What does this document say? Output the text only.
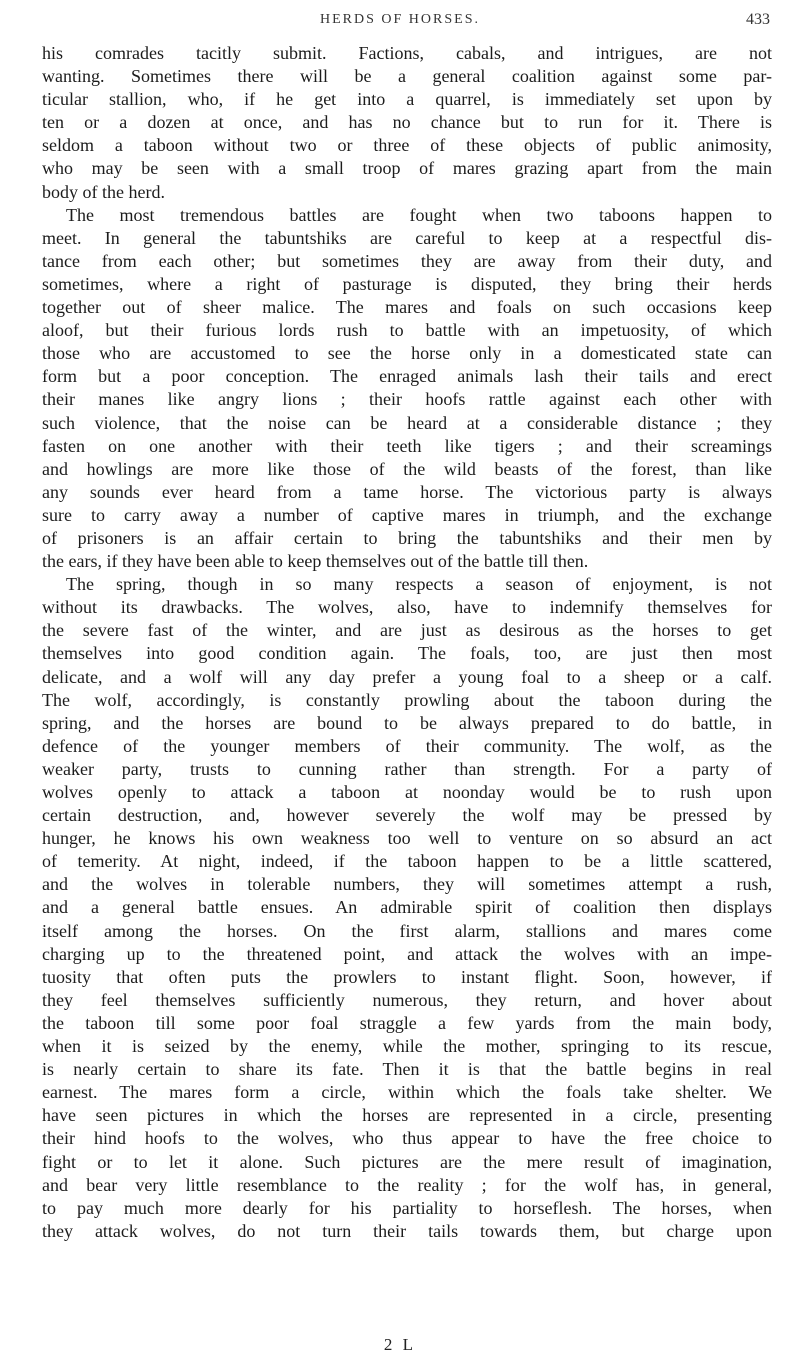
HERDS OF HORSES.	433
his comrades tacitly submit. Factions, cabals, and intrigues, are not
wanting. Sometimes there will be a general coalition against some par-
ticular stallion, who, if he get into a quarrel, is immediately set upon by
ten or a dozen at once, and has no chance but to run for it. There is
seldom a taboon without two or three of these objects of public animosity,
who may be seen with a small troop of mares grazing apart from the main
body of the herd.
The most tremendous battles are fought when two taboons happen to
meet. In general the tabuntshiks are careful to keep at a respectful dis-
tance from each other; but sometimes they are away from their duty, and
sometimes, where a right of pasturage is disputed, they bring their herds
together out of sheer malice. The mares and foals on such occasions keep
aloof, but their furious lords rush to battle with an impetuosity, of which
those who are accustomed to see the horse only in a domesticated state can
form but a poor conception. The enraged animals lash their tails and erect
their manes like angry lions ; their hoofs rattle against each other with
such violence, that the noise can be heard at a considerable distance ; they
fasten on one another with their teeth like tigers ; and their screamings
and howlings are more like those of the wild beasts of the forest, than like
any sounds ever heard from a tame horse. The victorious party is always
sure to carry away a number of captive mares in triumph, and the exchange
of prisoners is an affair certain to bring the tabuntshiks and their men by
the ears, if they have been able to keep themselves out of the battle till then.
The spring, though in so many respects a season of enjoyment, is not
without its drawbacks. The wolves, also, have to indemnify themselves for
the severe fast of the winter, and are just as desirous as the horses to get
themselves into good condition again. The foals, too, are just then most
delicate, and a wolf will any day prefer a young foal to a sheep or a calf.
The wolf, accordingly, is constantly prowling about the taboon during the
spring, and the horses are bound to be always prepared to do battle, in
defence of the younger members of their community. The wolf, as the
weaker party, trusts to cunning rather than strength. For a party of
wolves openly to attack a taboon at noonday would be to rush upon
certain destruction, and, however severely the wolf may be pressed by
hunger, he knows his own weakness too well to venture on so absurd an act
of temerity. At night, indeed, if the taboon happen to be a little scattered,
and the wolves in tolerable numbers, they will sometimes attempt a rush,
and a general battle ensues. An admirable spirit of coalition then displays
itself among the horses. On the first alarm, stallions and mares come
charging up to the threatened point, and attack the wolves with an impe-
tuosity that often puts the prowlers to instant flight. Soon, however, if
they feel themselves sufficiently numerous, they return, and hover about
the taboon till some poor foal straggle a few yards from the main body,
when it is seized by the enemy, while the mother, springing to its rescue,
is nearly certain to share its fate. Then it is that the battle begins in real
earnest. The mares form a circle, within which the foals take shelter. We
have seen pictures in which the horses are represented in a circle, presenting
their hind hoofs to the wolves, who thus appear to have the free choice to
fight or to let it alone. Such pictures are the mere result of imagination,
and bear very little resemblance to the reality ; for the wolf has, in general,
to pay much more dearly for his partiality to horseflesh. The horses, when
they attack wolves, do not turn their tails towards them, but charge upon
2 L
